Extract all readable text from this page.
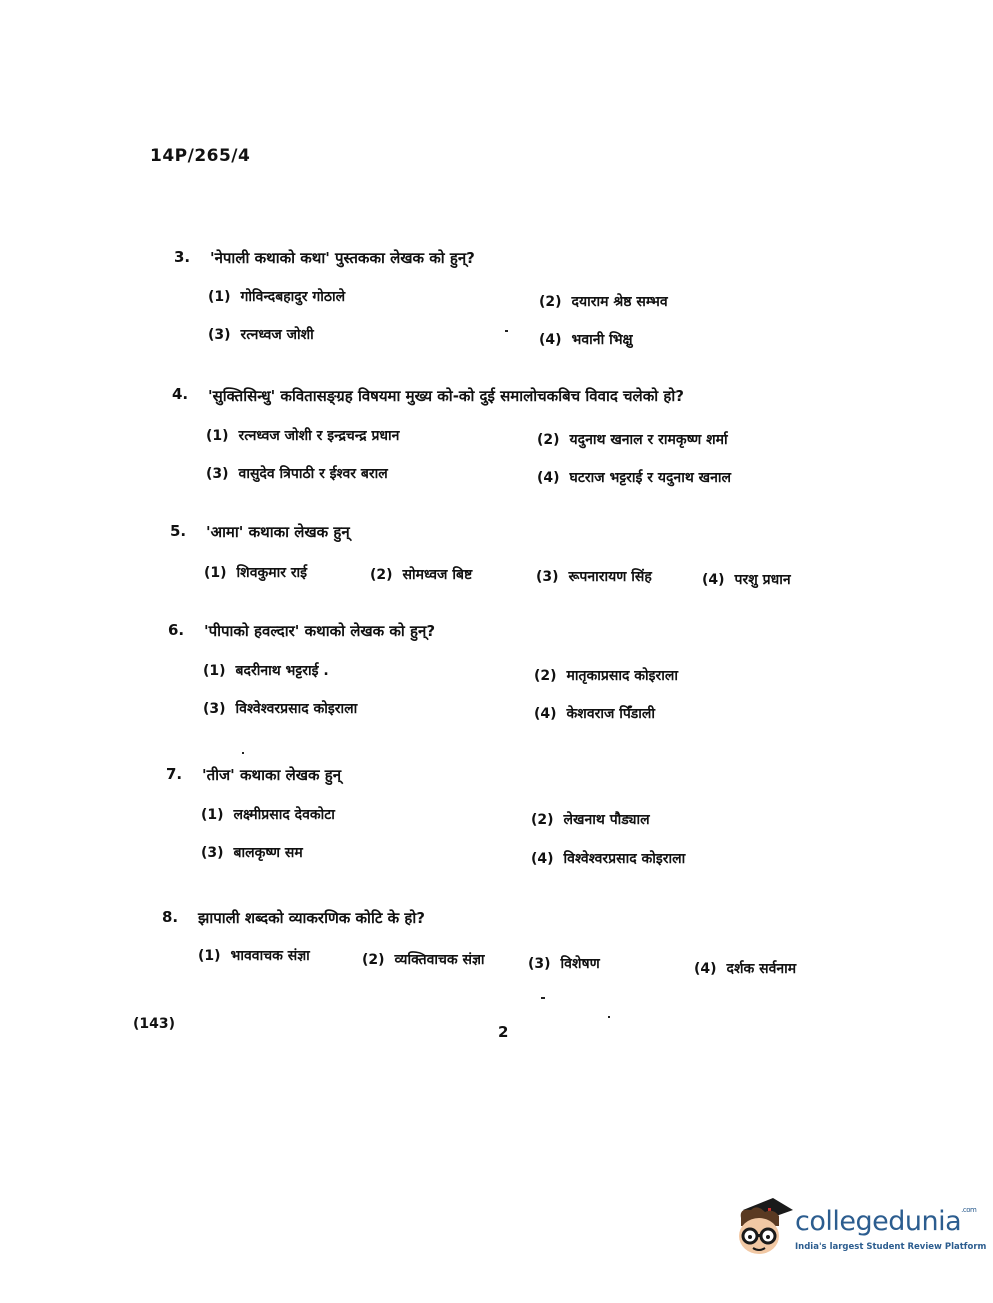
14P/265/4
3. 'नेपाली कथाको कथा' पुस्तकका लेखक को हुन्?
(1) गोविन्दबहादुर गोठाले	(2) दयाराम श्रेष्ठ सम्भव
(3) रत्नध्वज जोशी	(4) भवानी भिक्षु
4. 'सुक्तिसिन्धु' कवितासङ्ग्रह विषयमा मुख्य को-को दुई समालोचकबिच विवाद चलेको हो?
(1) रत्नध्वज जोशी र इन्द्रचन्द्र प्रधान	(2) यदुनाथ खनाल र रामकृष्ण शर्मा
(3) वासुदेव त्रिपाठी र ईश्वर बराल	(4) घटराज भट्टराई र यदुनाथ खनाल
5. 'आमा' कथाका लेखक हुन्
(1) शिवकुमार राई	(2) सोमध्वज बिष्ट	(3) रूपनारायण सिंह	(4) परशु प्रधान
6. 'पीपाको हवल्दार' कथाको लेखक को हुन्?
(1) बदरीनाथ भट्टराई .	(2) मातृकाप्रसाद कोइराला
(3) विश्वेश्वरप्रसाद कोइराला	(4) केशवराज पिँडाली
7. 'तीज' कथाका लेखक हुन्
(1) लक्ष्मीप्रसाद देवकोटा	(2) लेखनाथ पौड्याल
(3) बालकृष्ण सम	(4) विश्वेश्वरप्रसाद कोइराला
8. झापाली शब्दको व्याकरणिक कोटि के हो?
(1) भाववाचक संज्ञा	(2) व्यक्तिवाचक संज्ञा	(3) विशेषण	(4) दर्शक सर्वनाम
(143)	2
collegedunia$^{.com}$
India's largest Student Review Platform
